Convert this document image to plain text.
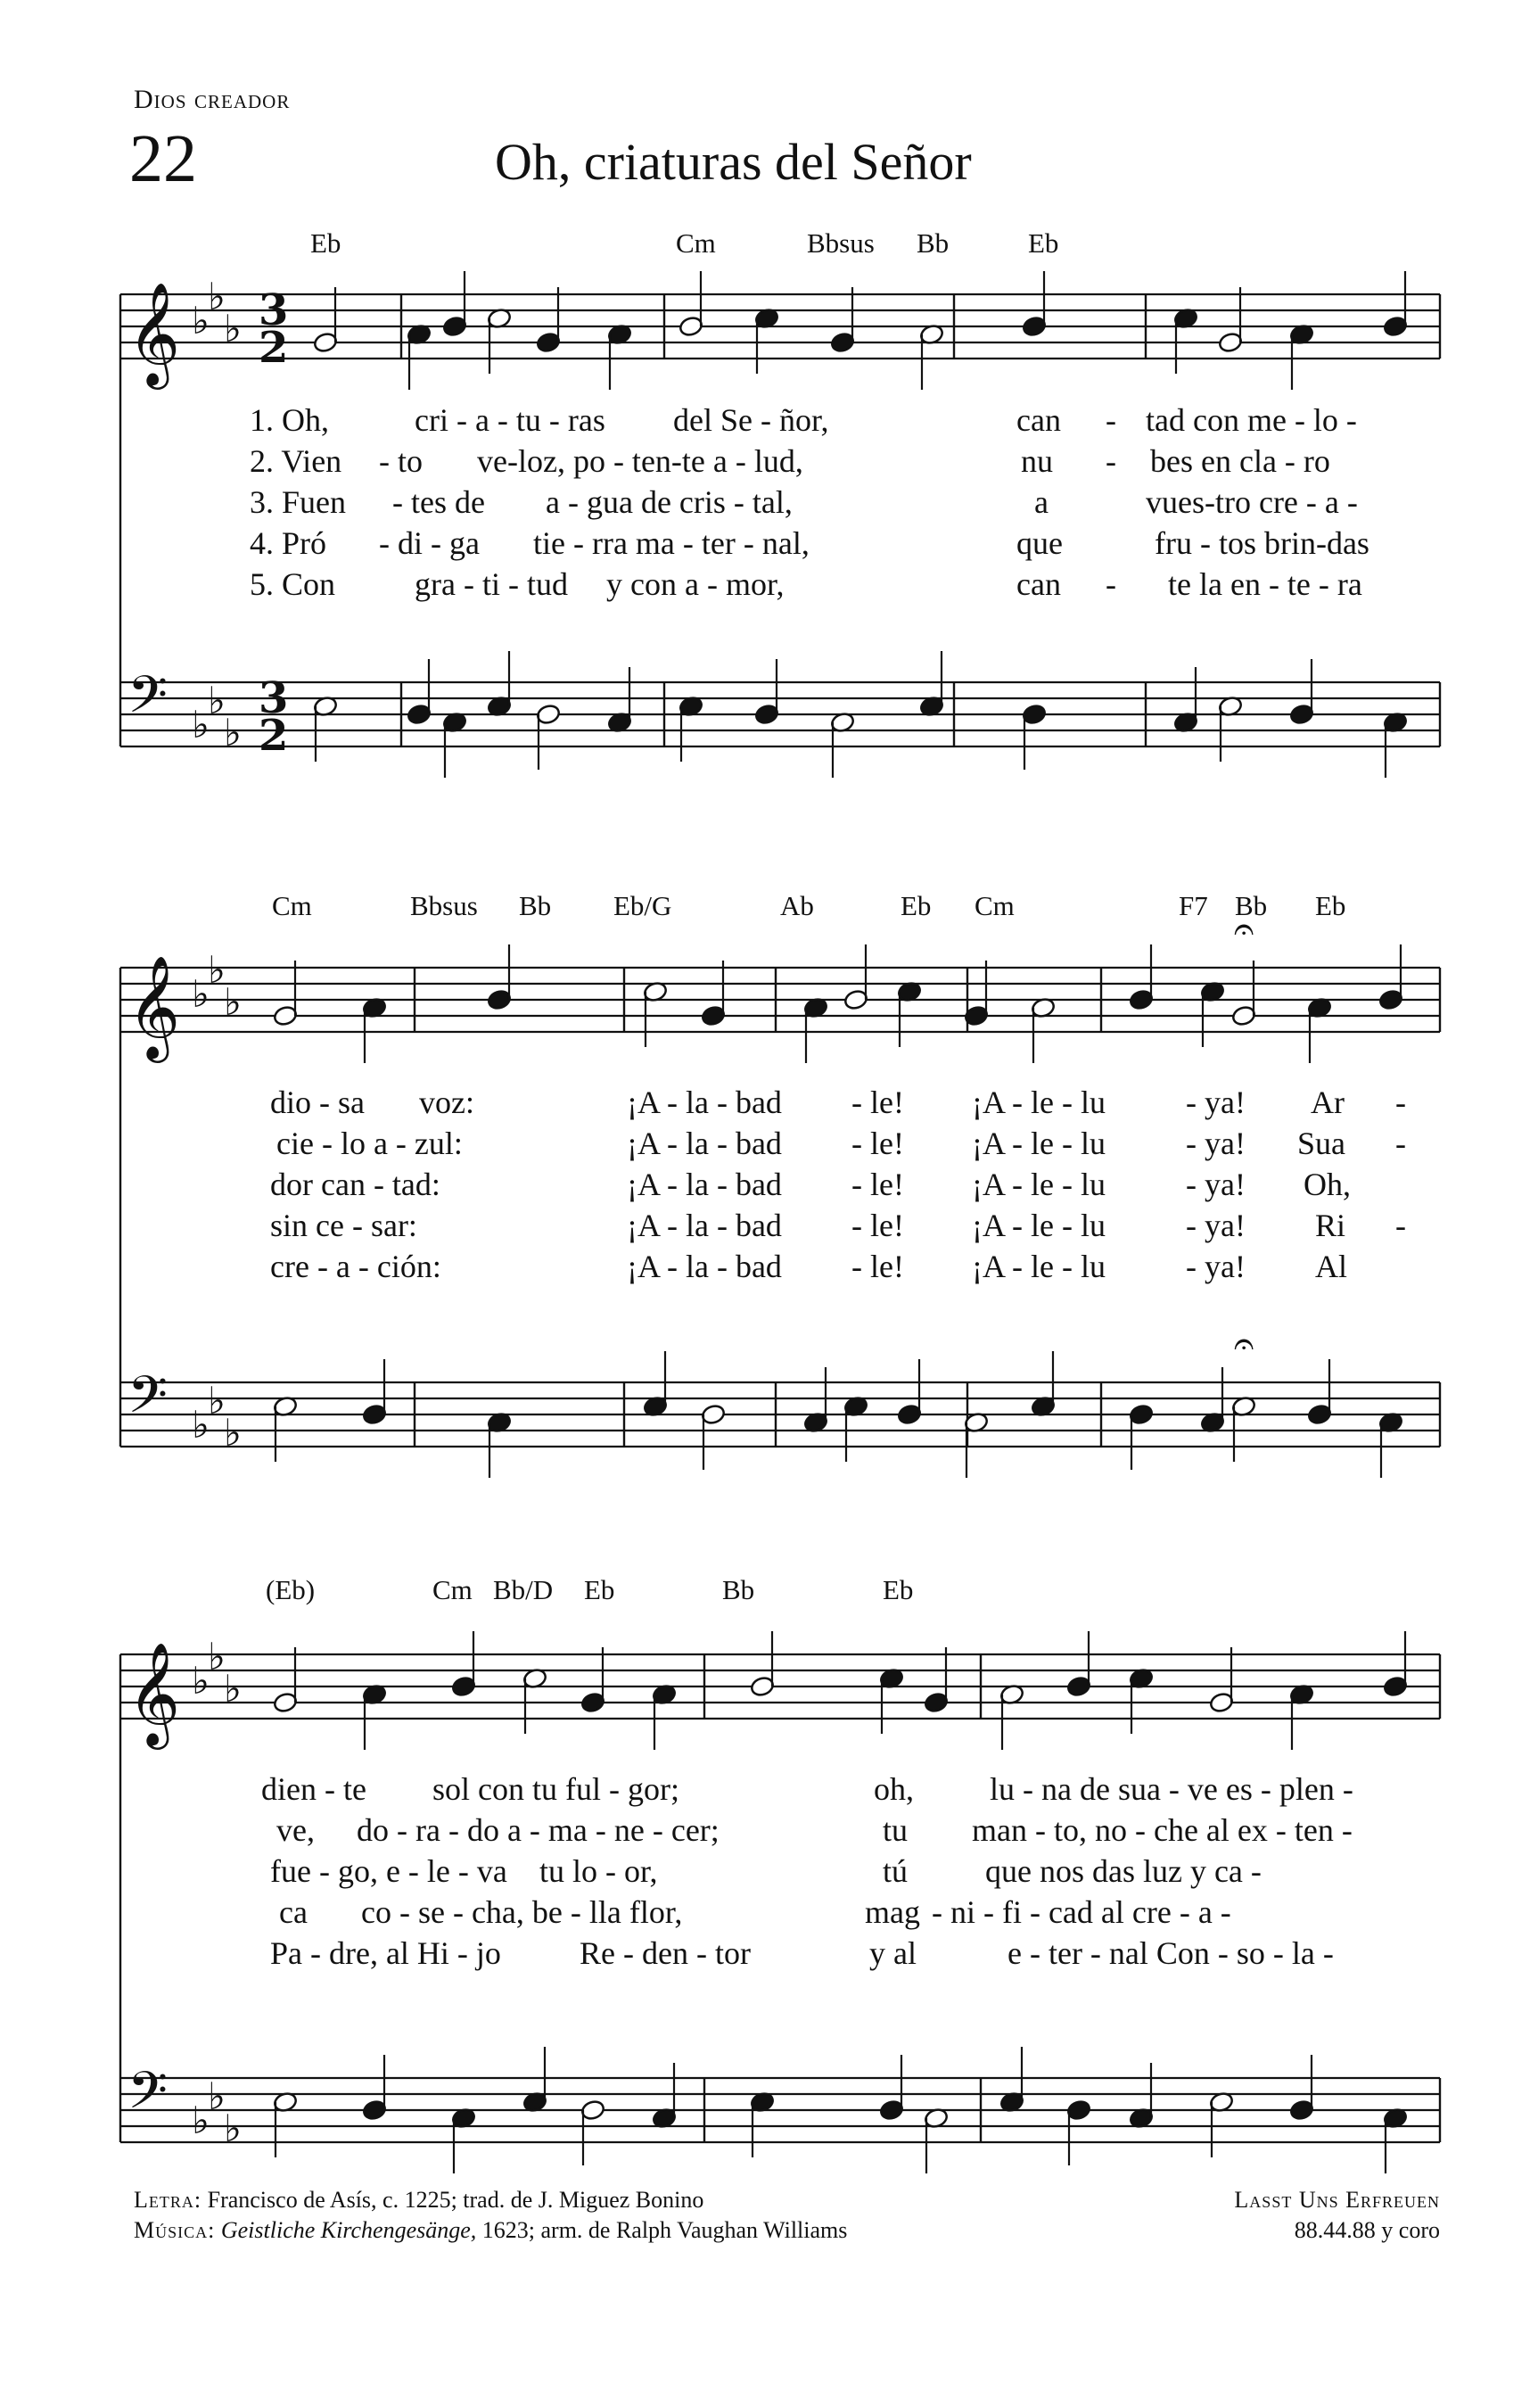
Dios creador
22	Oh, criaturas del Señor
Eb	Cm	Bbsus Bb	Eb
Cm	Bbsus Bb Eb/G	Ab	Eb Cm	F7 Bb Eb
(Eb)	Cm Bb/D Eb	Bb	Eb
𝄞 ♭
♭
♭
𝄢 ♭
♭
♭
3
2
3
2
𝄞 ♭
♭
♭
𝄢 ♭
♭
♭
𝄞 ♭
♭
♭
𝄢 ♭
♭
♭
𝄐
𝄐
1. Oh,	cri - a - tu - ras del Se - ñor,	can - tad con me - lo -
2. Vien - to ve-loz, po - ten-te a - lud,	nu - bes en cla - ro
3. Fuen - tes de a - gua de cris - tal,	a	vues-tro cre - a -
4. Pró - di - ga tie - rra ma - ter - nal,	que	fru - tos brin-das
5. Con gra - ti - tud y con a - mor,	can - te la en - te - ra
dio - sa voz:	¡A - la - bad - le! ¡A - le - lu	- ya! Ar -
cie - lo a - zul:	¡A - la - bad - le! ¡A - le - lu	- ya! Sua -
dor can - tad:	¡A - la - bad - le! ¡A - le - lu	- ya! Oh,
sin ce - sar:	¡A - la - bad - le! ¡A - le - lu	- ya! Ri -
cre - a - ción:	¡A - la - bad - le! ¡A - le - lu	- ya! Al
dien - te sol con tu ful - gor;	oh, lu - na de sua - ve es - plen -
ve, do - ra - do a - ma - ne - cer;	tu man - to, no - che al ex - ten -
fue - go, e - le - va tu lo - or,	tú que nos das luz y ca -
ca co - se - cha, be - lla flor,	mag - ni - fi - cad al cre - a -
Pa - dre, al Hi - jo Re - den - tor	y al	e - ter - nal Con - so - la -
Letra: Francisco de Asís, c. 1225; trad. de J. Miguez Bonino
Música: Geistliche Kirchengesänge, 1623; arm. de Ralph Vaughan Williams
Lasst Uns Erfreuen
88.44.88 y coro
